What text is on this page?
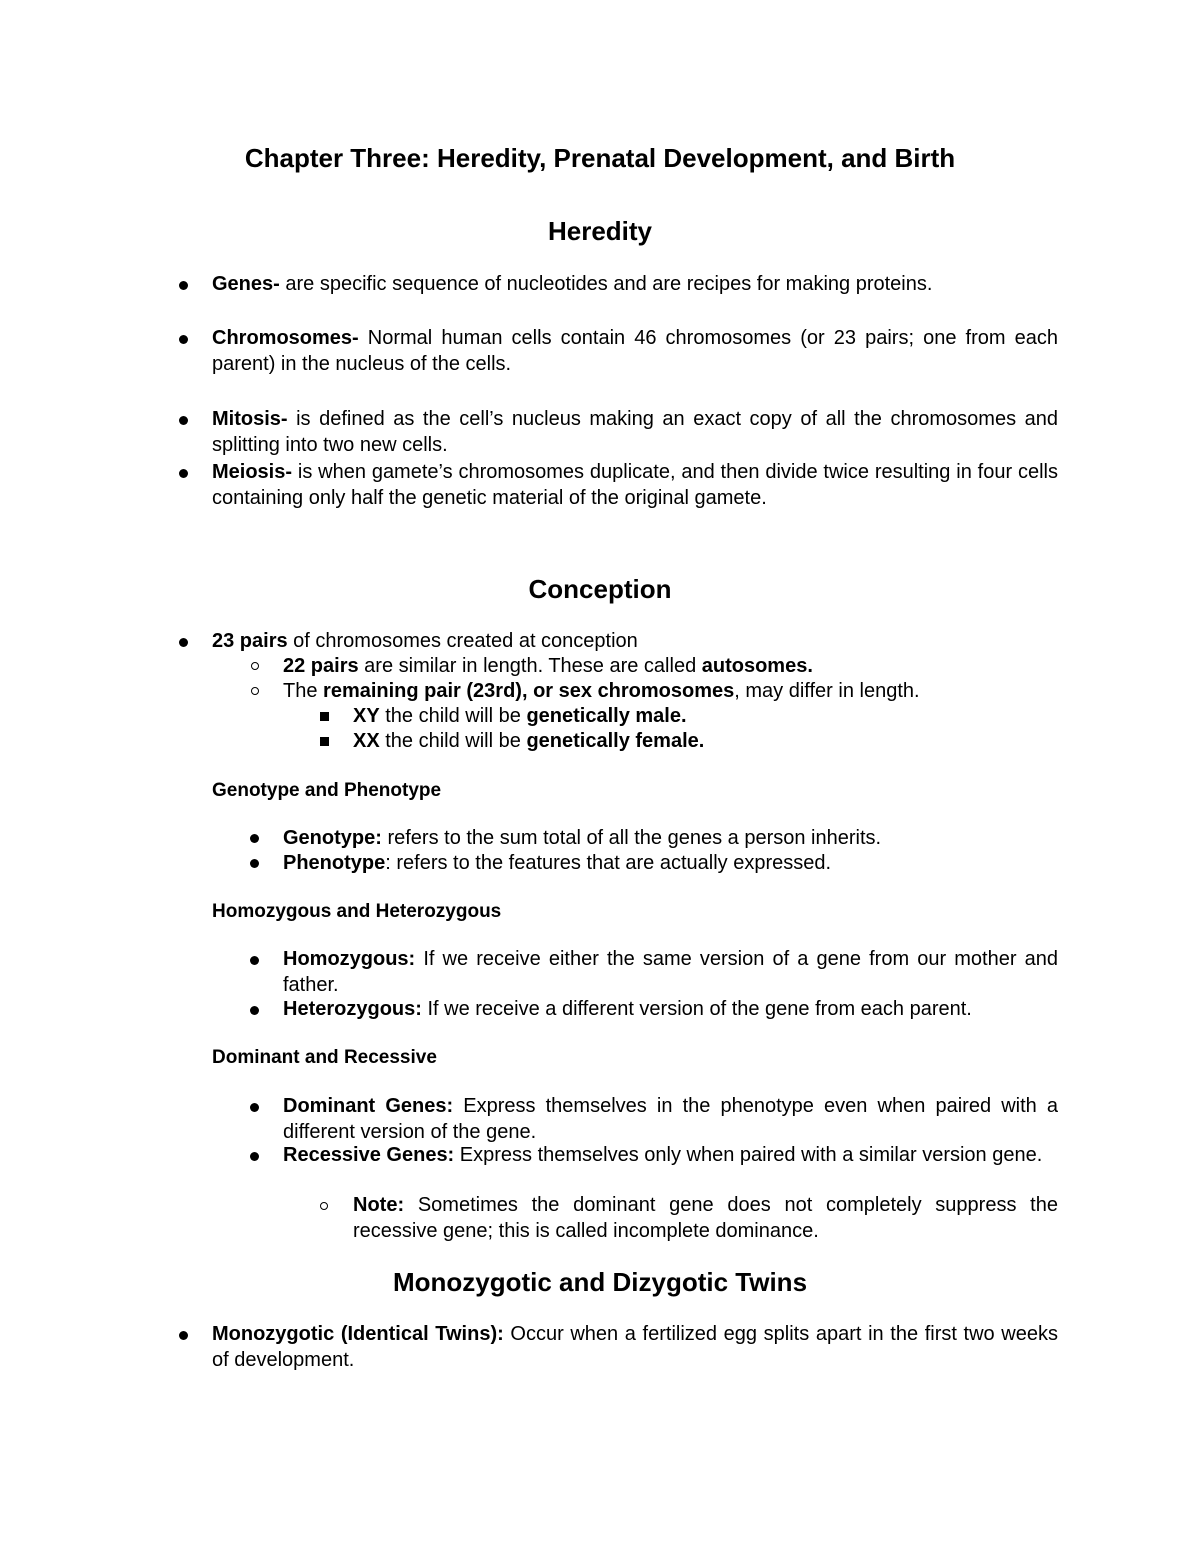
Chapter Three: Heredity, Prenatal Development, and Birth
Heredity
Genes- are specific sequence of nucleotides and are recipes for making proteins.
Chromosomes- Normal human cells contain 46 chromosomes (or 23 pairs; one from each parent) in the nucleus of the cells.
Mitosis- is defined as the cell’s nucleus making an exact copy of all the chromosomes and splitting into two new cells.
Meiosis- is when gamete’s chromosomes duplicate, and then divide twice resulting in four cells containing only half the genetic material of the original gamete.
Conception
23 pairs of chromosomes created at conception
22 pairs are similar in length. These are called autosomes.
The remaining pair (23rd), or sex chromosomes, may differ in length.
XY the child will be genetically male.
XX the child will be genetically female.
Genotype and Phenotype
Genotype: refers to the sum total of all the genes a person inherits.
Phenotype: refers to the features that are actually expressed.
Homozygous and Heterozygous
Homozygous: If we receive either the same version of a gene from our mother and father.
Heterozygous: If we receive a different version of the gene from each parent.
Dominant and Recessive
Dominant Genes: Express themselves in the phenotype even when paired with a different version of the gene.
Recessive Genes: Express themselves only when paired with a similar version gene.
Note: Sometimes the dominant gene does not completely suppress the recessive gene; this is called incomplete dominance.
Monozygotic and Dizygotic Twins
Monozygotic (Identical Twins): Occur when a fertilized egg splits apart in the first two weeks of development.
